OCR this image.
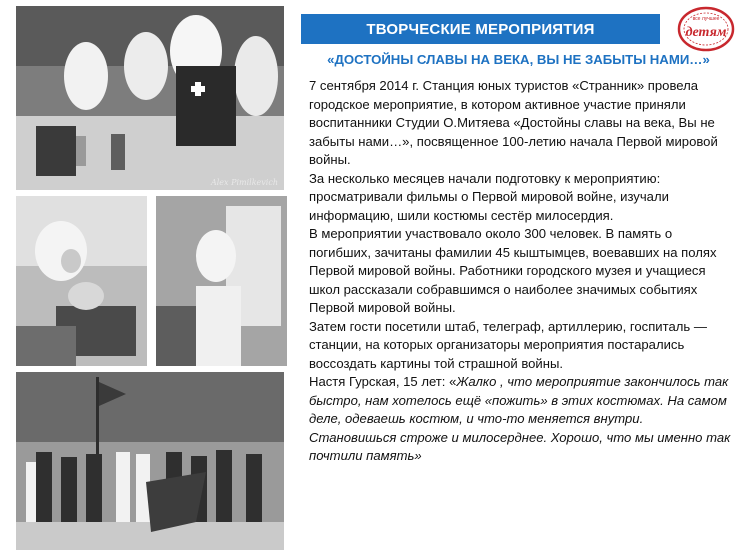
Alex Pimilkevich
ТВОРЧЕСКИЕ МЕРОПРИЯТИЯ
все лучшее
детям
«ДОСТОЙНЫ СЛАВЫ НА ВЕКА, ВЫ НЕ ЗАБЫТЫ НАМИ…»

7 сентября 2014 г. Станция юных туристов «Странник» провела городское мероприятие, в котором активное участие приняли воспитанники Студии О.Митяева «Достойны славы на века, Вы не забыты нами…», посвященное 100-летию начала Первой мировой войны.

За несколько месяцев начали подготовку к мероприятию: просматривали фильмы о Первой мировой войне, изучали информацию, шили костюмы сестёр милосердия.

В мероприятии участвовало около 300 человек. В память о погибших, зачитаны фамилии 45 кыштымцев, воевавших на полях Первой мировой войны. Работники городского музея и учащиеся школ рассказали собравшимся о наиболее значимых событиях Первой мировой войны.

Затем гости посетили штаб, телеграф, артиллерию, госпиталь — станции, на которых организаторы мероприятия постарались воссоздать картины той страшной войны.

Настя Гурская, 15 лет: «Жалко , что мероприятие закончилось так быстро, нам хотелось ещё «пожить» в этих костюмах. На самом деле, одеваешь костюм, и что-то меняется внутри. Становишься строже и милосерднее. Хорошо, что мы именно так почтили память»
